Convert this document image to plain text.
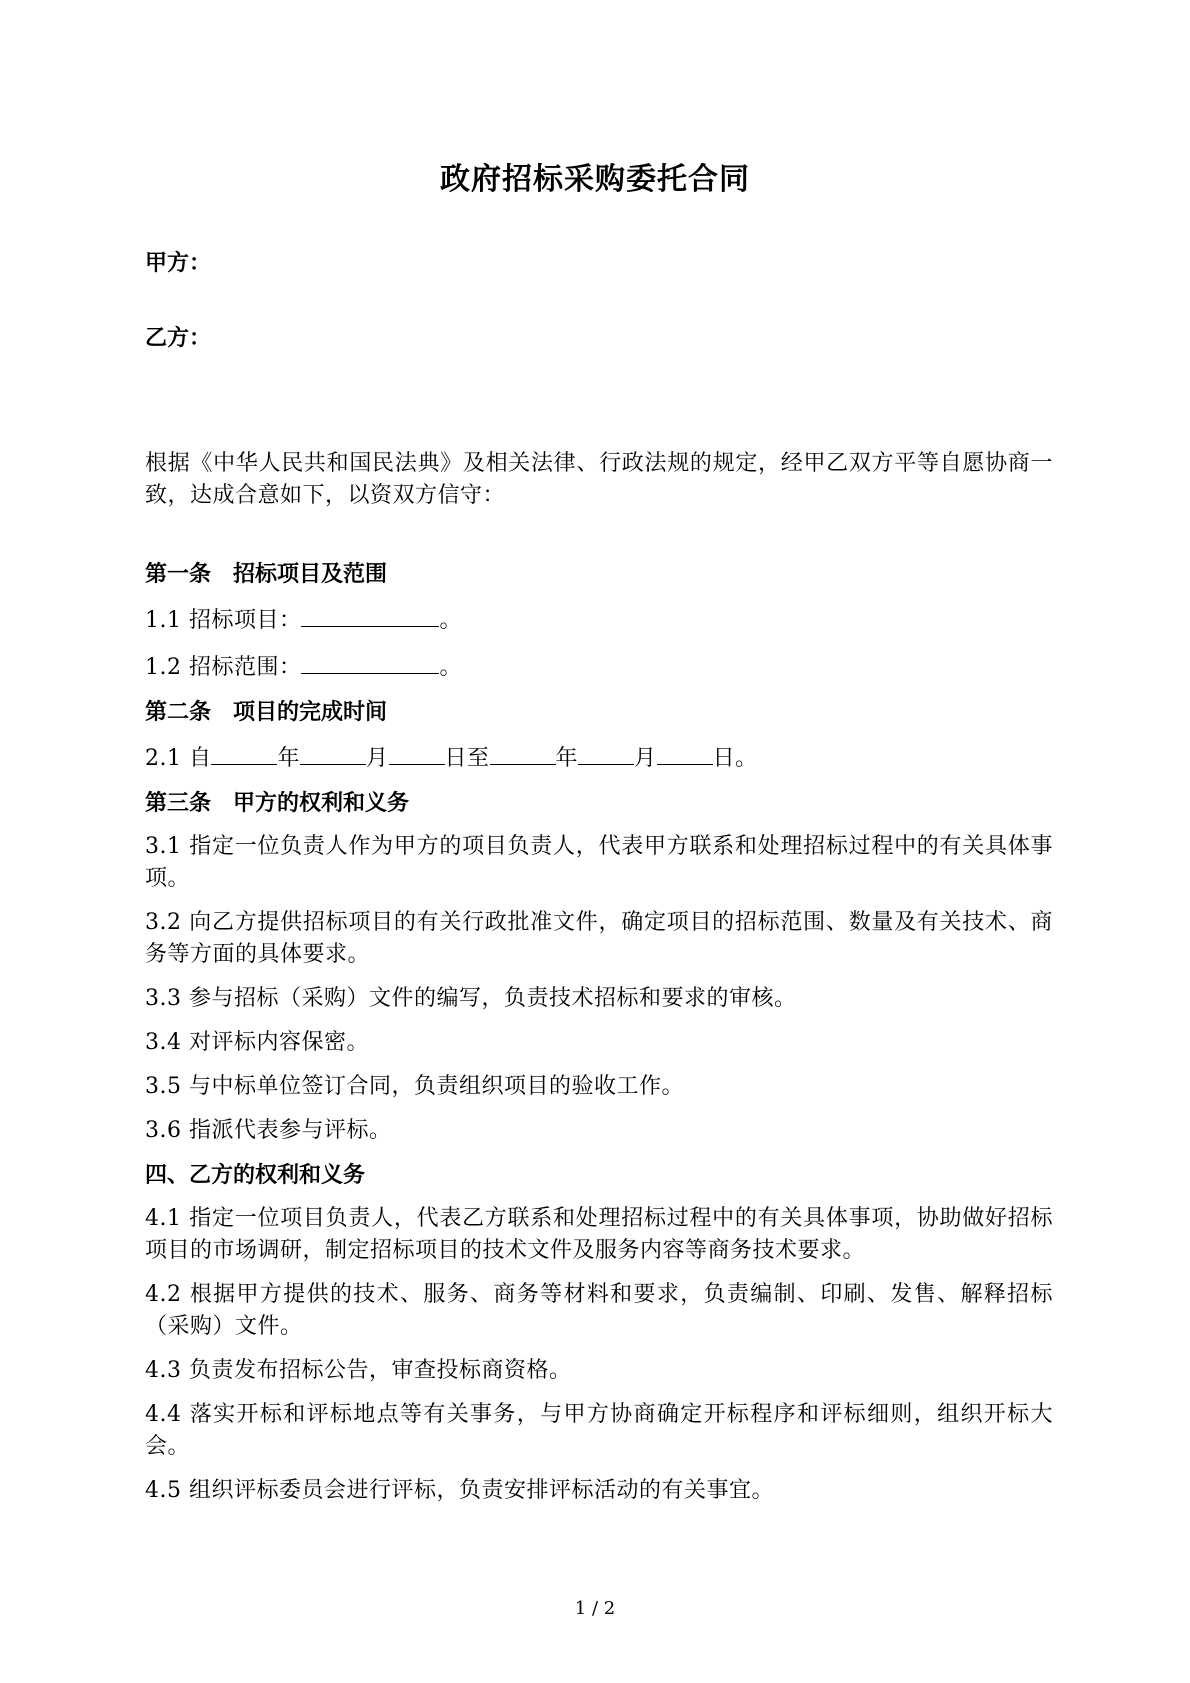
政府招标采购委托合同
甲方：
乙方：

根据《中华人民共和国民法典》及相关法律、行政法规的规定，经甲乙双方平等自愿协商一致，达成合意如下，以资双方信守：

第一条　招标项目及范围

1.1 招标项目：	。

1.2 招标范围：	。

第二条　项目的完成时间

2.1 自	年	月	日至	年	月	日。

第三条　甲方的权利和义务

3.1 指定一位负责人作为甲方的项目负责人，代表甲方联系和处理招标过程中的有关具体事项。

3.2 向乙方提供招标项目的有关行政批准文件，确定项目的招标范围、数量及有关技术、商务等方面的具体要求。

3.3 参与招标（采购）文件的编写，负责技术招标和要求的审核。

3.4 对评标内容保密。

3.5 与中标单位签订合同，负责组织项目的验收工作。

3.6 指派代表参与评标。

四、乙方的权利和义务

4.1 指定一位项目负责人，代表乙方联系和处理招标过程中的有关具体事项，协助做好招标项目的市场调研，制定招标项目的技术文件及服务内容等商务技术要求。

4.2 根据甲方提供的技术、服务、商务等材料和要求，负责编制、印刷、发售、解释招标（采购）文件。

4.3 负责发布招标公告，审查投标商资格。

4.4 落实开标和评标地点等有关事务，与甲方协商确定开标程序和评标细则，组织开标大会。

4.5 组织评标委员会进行评标，负责安排评标活动的有关事宜。

1 / 2
